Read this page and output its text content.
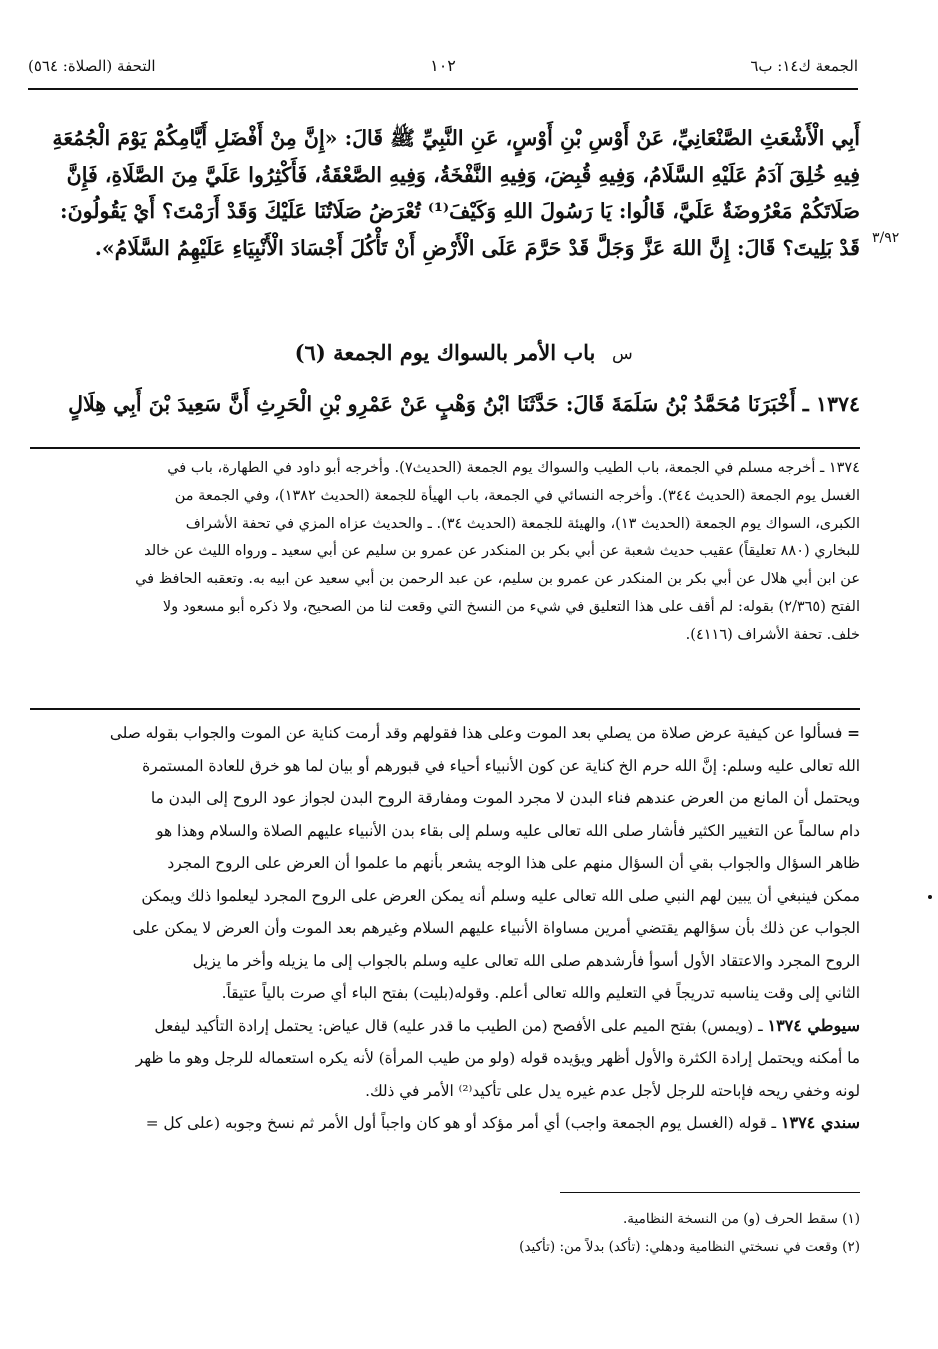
الجمعة ك١٤: ب٦
١٠٢
التحفة (الصلاة: ٥٦٤)
٣/٩٢

أَبِي الْأَشْعَثِ الصَّنْعَانِيِّ، عَنْ أَوْسِ بْنِ أَوْسٍ، عَنِ النَّبِيِّ ﷺ قَالَ: «إِنَّ مِنْ أَفْضَلِ أَيَّامِكُمْ يَوْمَ الْجُمُعَةِ

فِيهِ خُلِقَ آدَمُ عَلَيْهِ السَّلَامُ، وَفِيهِ قُبِضَ، وَفِيهِ النَّفْخَةُ، وَفِيهِ الصَّعْقَةُ، فَأَكْثِرُوا عَلَيَّ مِنَ الصَّلَاةِ، فَإِنَّ

صَلَاتَكُمْ مَعْرُوضَةٌ عَلَيَّ، قَالُوا: يَا رَسُولَ اللهِ وَكَيْفَ⁽¹⁾ تُعْرَضُ صَلَاتُنَا عَلَيْكَ وَقَدْ أَرَمْتَ؟ أَيْ يَقُولُونَ:

قَدْ بَلِيتَ؟ قَالَ: إِنَّ اللهَ عَزَّ وَجَلَّ قَدْ حَرَّمَ عَلَى الْأَرْضِ أَنْ تَأْكُلَ أَجْسَادَ الْأَنْبِيَاءِ عَلَيْهِمُ السَّلَامُ».

س
(٦) باب الأمر بالسواك يوم الجمعة
١٣٧٤ ـ أَخْبَرَنَا مُحَمَّدُ بْنُ سَلَمَةَ قَالَ: حَدَّثَنَا ابْنُ وَهْبٍ عَنْ عَمْرِو بْنِ الْحَرِثِ أَنَّ سَعِيدَ بْنَ أَبِي هِلَالٍ

١٣٧٤ ـ أخرجه مسلم في الجمعة، باب الطيب والسواك يوم الجمعة (الحديث٧). وأخرجه أبو داود في الطهارة، باب في

الغسل يوم الجمعة (الحديث ٣٤٤). وأخرجه النسائي في الجمعة، باب الهيأة للجمعة (الحديث ١٣٨٢)، وفي الجمعة من

الكبرى، السواك يوم الجمعة (الحديث ١٣)، والهيئة للجمعة (الحديث ٣٤). ـ والحديث عزاه المزي في تحفة الأشراف

للبخاري (٨٨٠ تعليقاً) عقيب حديث شعبة عن أبي بكر بن المنكدر عن عمرو بن سليم عن أبي سعيد ـ ورواه الليث عن خالد

عن ابن أبي هلال عن أبي بكر بن المنكدر عن عمرو بن سليم، عن عبد الرحمن بن أبي سعيد عن ابيه به. وتعقبه الحافظ في

الفتح (٢/٣٦٥) بقوله: لم أقف على هذا التعليق في شيء من النسخ التي وقعت لنا من الصحيح، ولا ذكره أبو مسعود ولا

خلف. تحفة الأشراف (٤١١٦).

= فسألوا عن كيفية عرض صلاة من يصلي بعد الموت وعلى هذا فقولهم وقد أرمت كناية عن الموت والجواب بقوله صلى

الله تعالى عليه وسلم: إنَّ الله حرم الخ كناية عن كون الأنبياء أحياء في قبورهم أو بيان لما هو خرق للعادة المستمرة

ويحتمل أن المانع من العرض عندهم فناء البدن لا مجرد الموت ومفارقة الروح البدن لجواز عود الروح إلى البدن ما

دام سالماً عن التغيير الكثير فأشار صلى الله تعالى عليه وسلم إلى بقاء بدن الأنبياء عليهم الصلاة والسلام وهذا هو

ظاهر السؤال والجواب بقي أن السؤال منهم على هذا الوجه يشعر بأنهم ما علموا أن العرض على الروح المجرد

ممكن فينبغي أن يبين لهم النبي صلى الله تعالى عليه وسلم أنه يمكن العرض على الروح المجرد ليعلموا ذلك ويمكن

الجواب عن ذلك بأن سؤالهم يقتضي أمرين مساواة الأنبياء عليهم السلام وغيرهم بعد الموت وأن العرض لا يمكن على

الروح المجرد والاعتقاد الأول أسوأ فأرشدهم صلى الله تعالى عليه وسلم بالجواب إلى ما يزيله وأخر ما يزيل

الثاني إلى وقت يناسبه تدريجاً في التعليم والله تعالى أعلم. وقوله(بليت) بفتح الباء أي صرت بالياً عتيقاً.

سيوطي ١٣٧٤ ـ (ويمس) بفتح الميم على الأفصح (من الطيب ما قدر عليه) قال عياض: يحتمل إرادة التأكيد ليفعل

ما أمكنه ويحتمل إرادة الكثرة والأول أظهر ويؤيده قوله (ولو من طيب المرأة) لأنه يكره استعماله للرجل وهو ما ظهر

لونه وخفي ريحه فإباحته للرجل لأجل عدم غيره يدل على تأكيد⁽²⁾ الأمر في ذلك.

سندي ١٣٧٤ ـ قوله (الغسل يوم الجمعة واجب) أي أمر مؤكد أو هو كان واجباً أول الأمر ثم نسخ وجوبه (على كل =

(١) سقط الحرف (و) من النسخة النظامية.

(٢) وقعت في نسختي النظامية ودهلي: (تأكد) بدلاً من: (تأكيد)
